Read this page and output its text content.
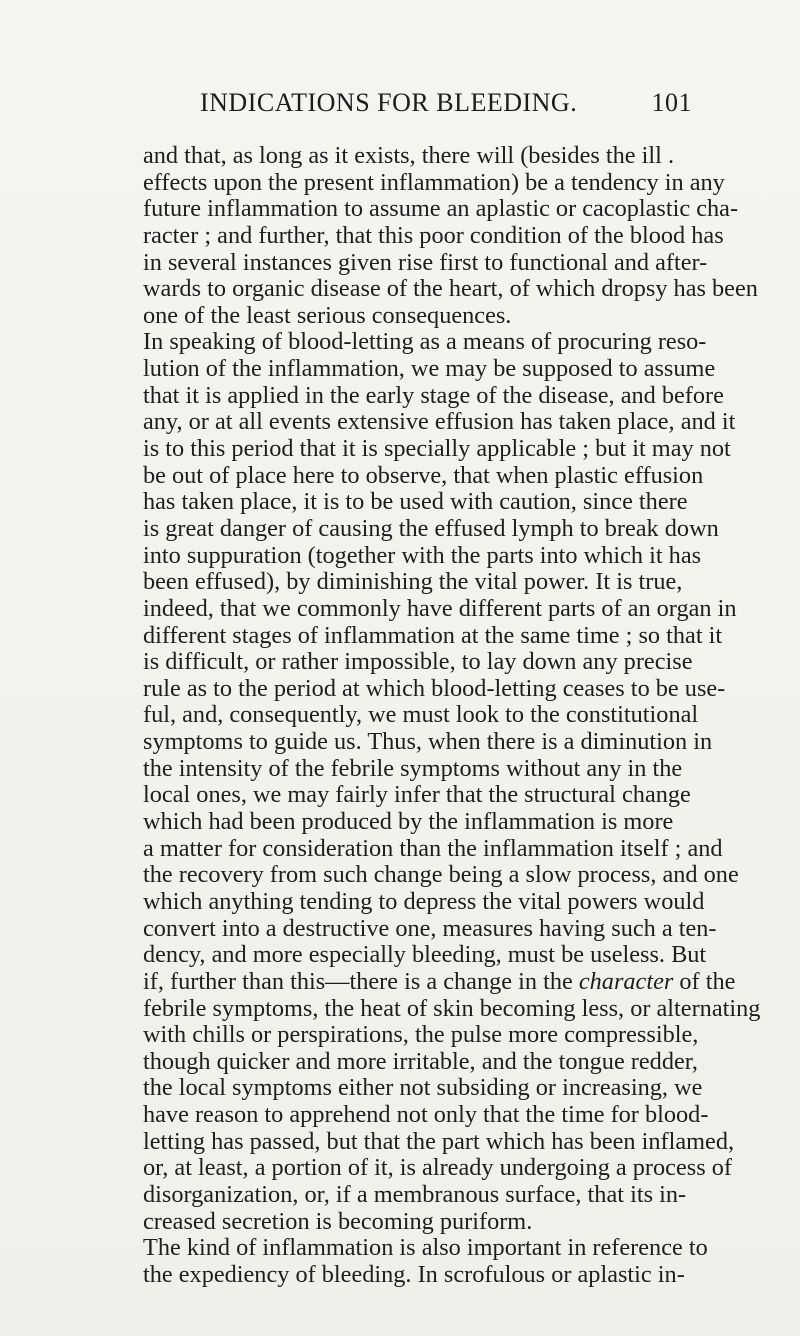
INDICATIONS FOR BLEEDING.	101
and that, as long as it exists, there will (besides the ill .
effects upon the present inflammation) be a tendency in any
future inflammation to assume an aplastic or cacoplastic cha-
racter ; and further, that this poor condition of the blood has
in several instances given rise first to functional and after-
wards to organic disease of the heart, of which dropsy has been
one of the least serious consequences.
In speaking of blood-letting as a means of procuring reso-
lution of the inflammation, we may be supposed to assume
that it is applied in the early stage of the disease, and before
any, or at all events extensive effusion has taken place, and it
is to this period that it is specially applicable ; but it may not
be out of place here to observe, that when plastic effusion
has taken place, it is to be used with caution, since there
is great danger of causing the effused lymph to break down
into suppuration (together with the parts into which it has
been effused), by diminishing the vital power. It is true,
indeed, that we commonly have different parts of an organ in
different stages of inflammation at the same time ; so that it
is difficult, or rather impossible, to lay down any precise
rule as to the period at which blood-letting ceases to be use-
ful, and, consequently, we must look to the constitutional
symptoms to guide us. Thus, when there is a diminution in
the intensity of the febrile symptoms without any in the
local ones, we may fairly infer that the structural change
which had been produced by the inflammation is more
a matter for consideration than the inflammation itself ; and
the recovery from such change being a slow process, and one
which anything tending to depress the vital powers would
convert into a destructive one, measures having such a ten-
dency, and more especially bleeding, must be useless. But
if, further than this—there is a change in the character of the
febrile symptoms, the heat of skin becoming less, or alternating
with chills or perspirations, the pulse more compressible,
though quicker and more irritable, and the tongue redder,
the local symptoms either not subsiding or increasing, we
have reason to apprehend not only that the time for blood-
letting has passed, but that the part which has been inflamed,
or, at least, a portion of it, is already undergoing a process of
disorganization, or, if a membranous surface, that its in-
creased secretion is becoming puriform.
The kind of inflammation is also important in reference to
the expediency of bleeding. In scrofulous or aplastic in-
